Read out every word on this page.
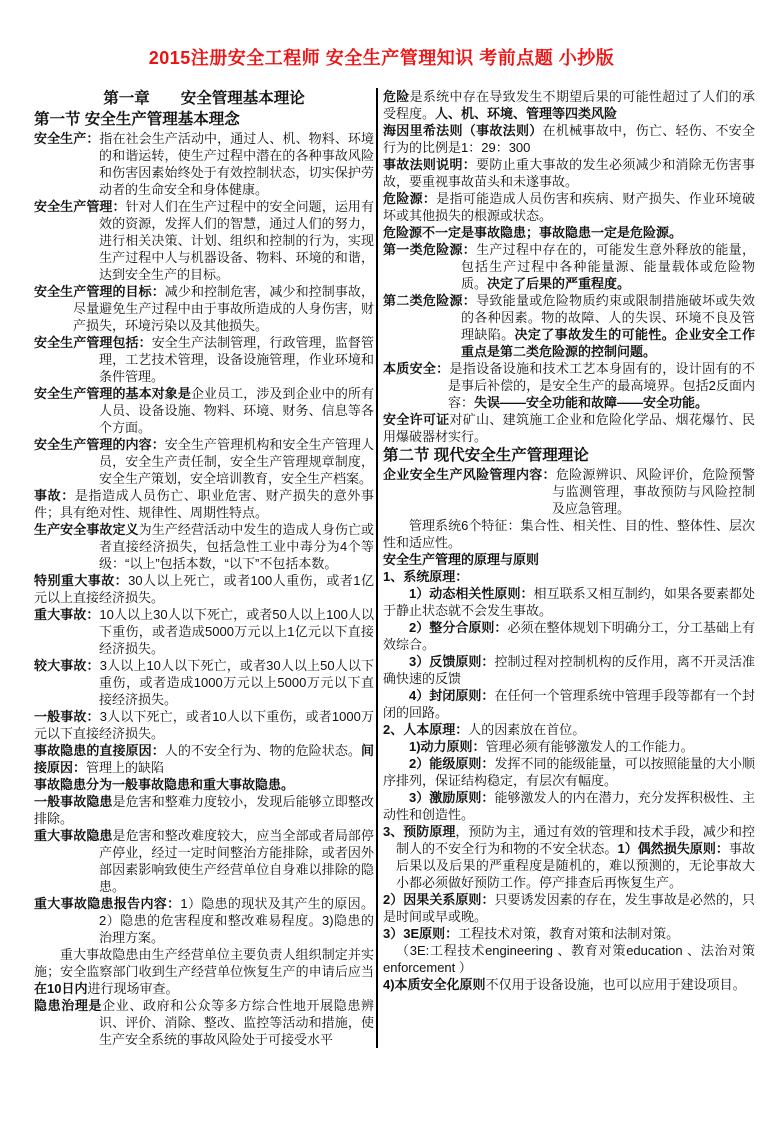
2015注册安全工程师 安全生产管理知识 考前点题 小抄版
第一章　　安全管理基本理论
第一节 安全生产管理基本理念

安全生产：指在社会生产活动中，通过人、机、物料、环境的和谐运转，使生产过程中潜在的各种事故风险和伤害因素始终处于有效控制状态，切实保护劳动者的生命安全和身体健康。

安全生产管理：针对人们在生产过程中的安全问题，运用有效的资源，发挥人们的智慧，通过人们的努力，进行相关决策、计划、组织和控制的行为，实现生产过程中人与机器设备、物料、环境的和谐，达到安全生产的目标。

安全生产管理的目标：减少和控制危害，减少和控制事故，尽量避免生产过程中由于事故所造成的人身伤害，财产损失，环境污染以及其他损失。

安全生产管理包括：安全生产法制管理，行政管理，监督管理，工艺技术管理，设备设施管理，作业环境和条件管理。

安全生产管理的基本对象是企业员工，涉及到企业中的所有人员、设备设施、物料、环境、财务、信息等各个方面。

安全生产管理的内容：安全生产管理机构和安全生产管理人员，安全生产责任制，安全生产管理规章制度，安全生产策划，安全培训教育，安全生产档案。

事故：是指造成人员伤亡、职业危害、财产损失的意外事件；具有绝对性、规律性、周期性特点。

生产安全事故定义为生产经营活动中发生的造成人身伤亡或者直接经济损失，包括急性工业中毒分为4个等级：“以上”包括本数，“以下”不包括本数。

特别重大事故：30人以上死亡，或者100人重伤，或者1亿元以上直接经济损失。

重大事故：10人以上30人以下死亡，或者50人以上100人以下重伤，或者造成5000万元以上1亿元以下直接经济损失。

较大事故：3人以上10人以下死亡，或者30人以上50人以下重伤，或者造成1000万元以上5000万元以下直接经济损失。

一般事故：3人以下死亡，或者10人以下重伤，或者1000万元以下直接经济损失。

事故隐患的直接原因：人的不安全行为、物的危险状态。间接原因：管理上的缺陷

事故隐患分为一般事故隐患和重大事故隐患。

一般事故隐患是危害和整难力度较小，发现后能够立即整改排除。

重大事故隐患是危害和整改难度较大，应当全部或者局部停产停业，经过一定时间整治方能排除，或者因外部因素影响致使生产经营单位自身难以排除的隐患。

重大事故隐患报告内容：1）隐患的现状及其产生的原因。2）隐患的危害程度和整改难易程度。3)隐患的治理方案。

重大事故隐患由生产经营单位主要负责人组织制定并实施；安全监察部门收到生产经营单位恢复生产的申请后应当在10日内进行现场审查。

隐患治理是企业、政府和公众等多方综合性地开展隐患辨识、评价、消除、整改、监控等活动和措施，使生产安全系统的事故风险处于可接受水平

危险是系统中存在导致发生不期望后果的可能性超过了人们的承受程度。人、机、环境、管理等四类风险

海因里希法则（事故法则）在机械事故中，伤亡、轻伤、不安全行为的比例是1：29：300

事故法则说明：要防止重大事故的发生必须减少和消除无伤害事故，要重视事故苗头和未遂事故。

危险源：是指可能造成人员伤害和疾病、财产损失、作业环境破坏或其他损失的根源或状态。

危险源不一定是事故隐患；事故隐患一定是危险源。

第一类危险源：生产过程中存在的，可能发生意外释放的能量，包括生产过程中各种能量源、能量载体或危险物质。决定了后果的严重程度。

第二类危险源：导致能量或危险物质约束或限制措施破坏或失效的各种因素。物的故障、人的失误、环境不良及管理缺陷。决定了事故发生的可能性。企业安全工作重点是第二类危险源的控制问题。

本质安全：是指设备设施和技术工艺本身固有的，设计固有的不是事后补偿的，是安全生产的最高境界。包括2反面内容：失误——安全功能和故障——安全功能。

安全许可证对矿山、建筑施工企业和危险化学品、烟花爆竹、民用爆破器材实行。

第二节 现代安全生产管理理论

企业安全生产风险管理内容：危险源辨识、风险评价，危险预警与监测管理，事故预防与风险控制及应急管理。

管理系统6个特征：集合性、相关性、目的性、整体性、层次性和适应性。

安全生产管理的原理与原则

1、系统原理：

1）动态相关性原则：相互联系又相互制约，如果各要素都处于静止状态就不会发生事故。

2）整分合原则：必须在整体规划下明确分工，分工基础上有效综合。

3）反馈原则：控制过程对控制机构的反作用，离不开灵活准确快速的反馈

4）封闭原则：在任何一个管理系统中管理手段等都有一个封闭的回路。

2、人本原理：人的因素放在首位。

1)动力原则：管理必须有能够激发人的工作能力。

2）能级原则：发挥不同的能级能量，可以按照能量的大小顺序排列，保证结构稳定，有层次有幅度。

3）激励原则：能够激发人的内在潜力，充分发挥积极性、主动性和创造性。

3、预防原理，预防为主，通过有效的管理和技术手段，减少和控制人的不安全行为和物的不安全状态。1）偶然损失原则：事故后果以及后果的严重程度是随机的，难以预测的，无论事故大小都必须做好预防工作。停产排查后再恢复生产。

2）因果关系原则：只要诱发因素的存在，发生事故是必然的，只是时间或早或晚。

3）3E原则：工程技术对策，教育对策和法制对策。

（3E:工程技术engineering 、教育对策education 、法治对策enforcement ）

4)本质安全化原则不仅用于设备设施，也可以应用于建设项目。
